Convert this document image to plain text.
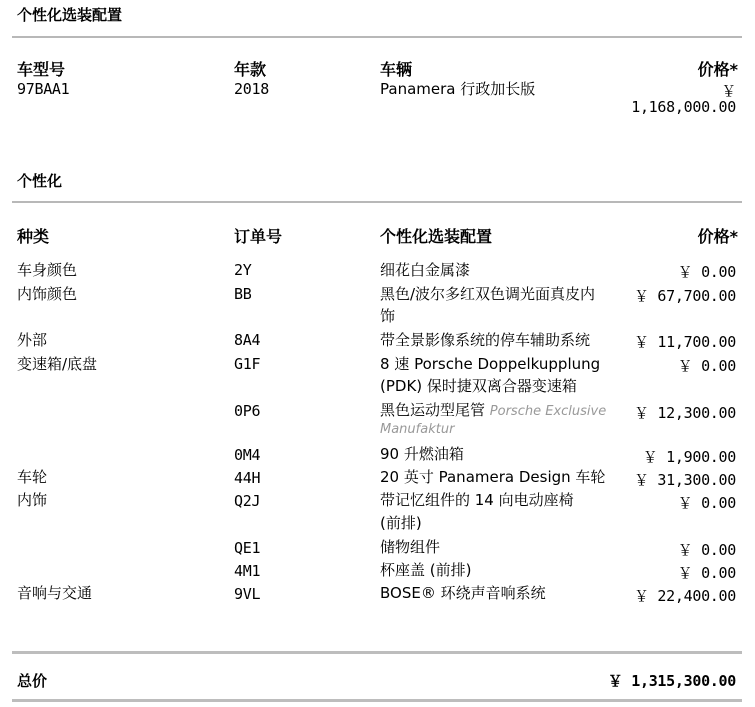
个性化选装配置
车型号	年款	车辆	价格*
97BAA1	2018	Panamera 行政加长版	￥
1,168,000.00
个性化
种类	订单号	个性化选装配置	价格*
车身颜色	2Y	细花白金属漆	￥ 0.00
内饰颜色	BB	黑色/波尔多红双色调光面真皮内
饰
￥ 67,700.00
外部	8A4	带全景影像系统的停车辅助系统	￥ 11,700.00
变速箱/底盘	G1F	8 速 Porsche Doppelkupplung
(PDK) 保时捷双离合器变速箱
￥ 0.00
0P6	黑色运动型尾管 Porsche Exclusive
Manufaktur
￥ 12,300.00
0M4	90 升燃油箱	￥ 1,900.00
车轮	44H	20 英寸 Panamera Design 车轮 ￥ 31,300.00
内饰	Q2J	带记忆组件的 14 向电动座椅
(前排)
￥ 0.00
QE1	储物组件	￥ 0.00
4M1	杯座盖 (前排)	￥ 0.00
音响与交通	9VL	BOSE® 环绕声音响系统	￥ 22,400.00
总价	￥ 1,315,300.00
